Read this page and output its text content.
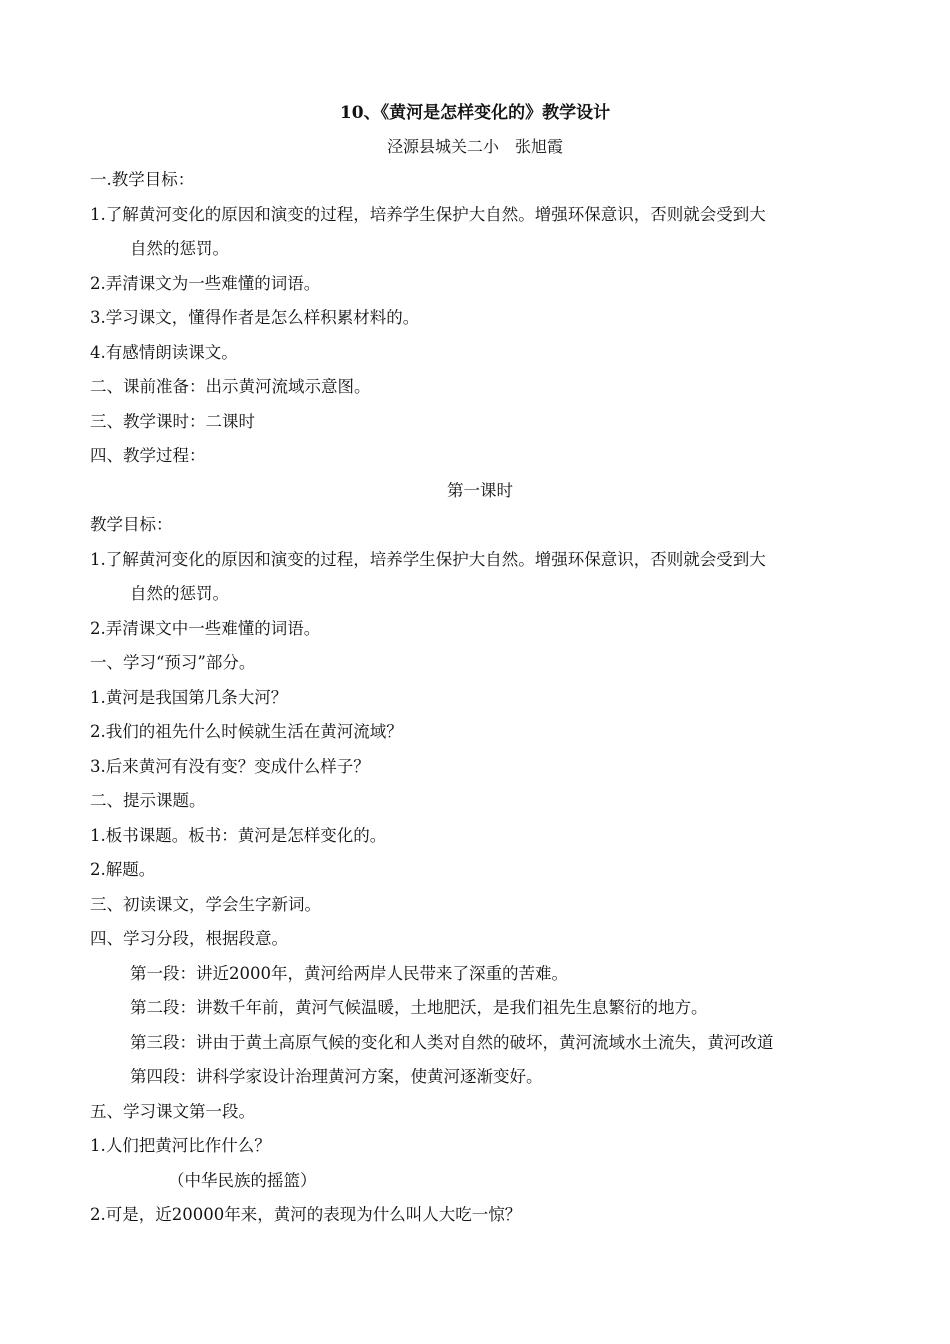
10、《黄河是怎样变化的》教学设计
泾源县城关二小　张旭霞
一.教学目标：
1.了解黄河变化的原因和演变的过程，培养学生保护大自然。增强环保意识，否则就会受到大
自然的惩罚。
2.弄清课文为一些难懂的词语。
3.学习课文，懂得作者是怎么样积累材料的。
4.有感情朗读课文。
二、课前准备：出示黄河流域示意图。
三、教学课时：二课时
四、教学过程：
第一课时
教学目标：
1.了解黄河变化的原因和演变的过程，培养学生保护大自然。增强环保意识，否则就会受到大
自然的惩罚。
2.弄清课文中一些难懂的词语。
一、学习“预习”部分。
1.黄河是我国第几条大河？
2.我们的祖先什么时候就生活在黄河流域？
3.后来黄河有没有变？变成什么样子？
二、提示课题。
1.板书课题。板书：黄河是怎样变化的。
2.解题。
三、初读课文，学会生字新词。
四、学习分段，根据段意。
第一段：讲近2000年，黄河给两岸人民带来了深重的苦难。
第二段：讲数千年前，黄河气候温暖，土地肥沃，是我们祖先生息繁衍的地方。
第三段：讲由于黄土高原气候的变化和人类对自然的破坏，黄河流域水土流失，黄河改道
第四段：讲科学家设计治理黄河方案，使黄河逐渐变好。
五、学习课文第一段。
1.人们把黄河比作什么？
（中华民族的摇篮）
2.可是，近20000年来，黄河的表现为什么叫人大吃一惊？
